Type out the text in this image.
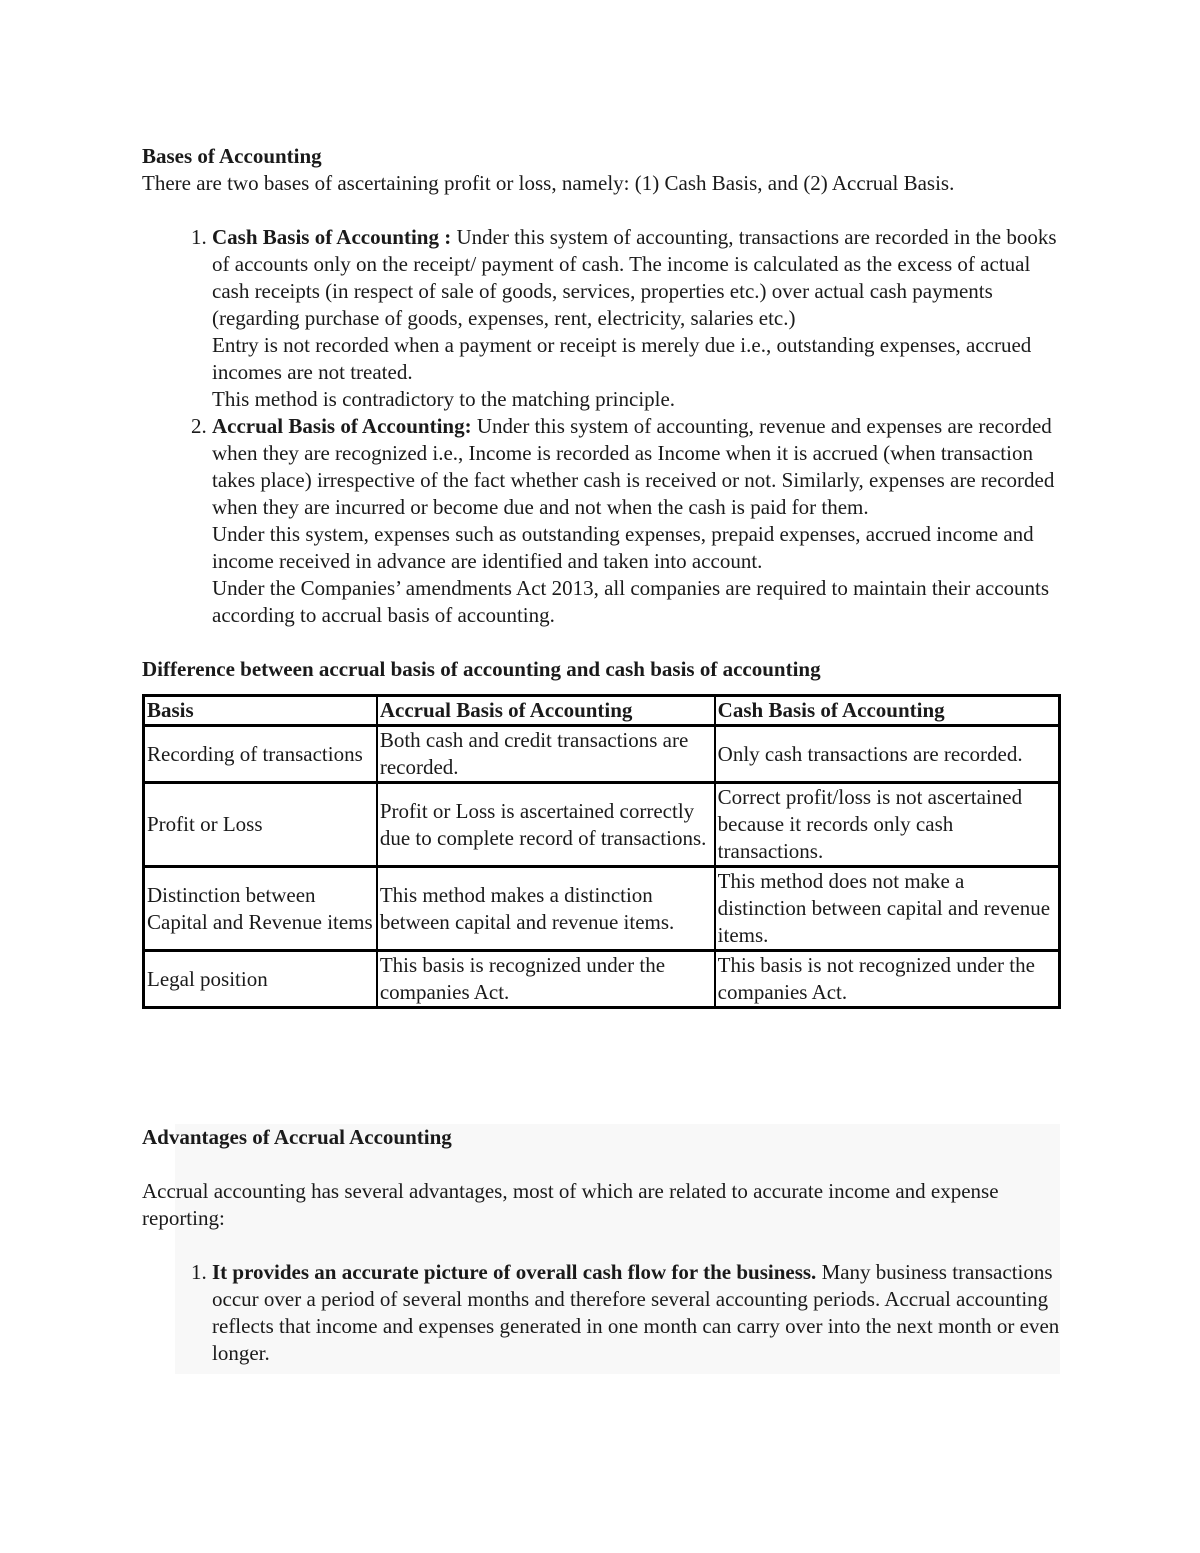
Bases of Accounting

There are two bases of ascertaining profit or loss, namely: (1) Cash Basis, and (2) Accrual Basis.

1. Cash Basis of Accounting : Under this system of accounting, transactions are recorded in the books of accounts only on the receipt/ payment of cash. The income is calculated as the excess of actual cash receipts (in respect of sale of goods, services, properties etc.) over actual cash payments (regarding purchase of goods, expenses, rent, electricity, salaries etc.)
Entry is not recorded when a payment or receipt is merely due i.e., outstanding expenses, accrued incomes are not treated.
This method is contradictory to the matching principle.
2. Accrual Basis of Accounting: Under this system of accounting, revenue and expenses are recorded when they are recognized i.e., Income is recorded as Income when it is accrued (when transaction takes place) irrespective of the fact whether cash is received or not. Similarly, expenses are recorded when they are incurred or become due and not when the cash is paid for them.
Under this system, expenses such as outstanding expenses, prepaid expenses, accrued income and income received in advance are identified and taken into account.
Under the Companies’ amendments Act 2013, all companies are required to maintain their accounts according to accrual basis of accounting.

Difference between accrual basis of accounting and cash basis of accounting

Basis	Accrual Basis of Accounting	Cash Basis of Accounting
Recording of transactions	Both cash and credit transactions are recorded.	Only cash transactions are recorded.
Profit or Loss	Profit or Loss is ascertained correctly due to complete record of transactions.	Correct profit/loss is not ascertained because it records only cash transactions.
Distinction between Capital and Revenue items	This method makes a distinction between capital and revenue items.	This method does not make a distinction between capital and revenue items.
Legal position	This basis is recognized under the companies Act.	This basis is not recognized under the companies Act.

Advantages of Accrual Accounting

Accrual accounting has several advantages, most of which are related to accurate income and expense reporting:

1. It provides an accurate picture of overall cash flow for the business. Many business transactions occur over a period of several months and therefore several accounting periods. Accrual accounting reflects that income and expenses generated in one month can carry over into the next month or even longer.
